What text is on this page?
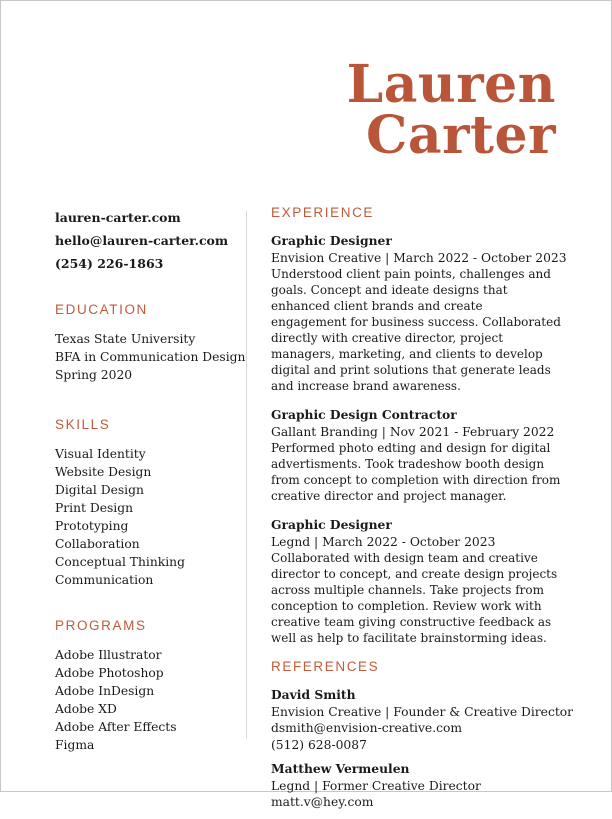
Lauren
Carter
lauren-carter.com
hello@lauren-carter.com
(254) 226-1863
EDUCATION
Texas State University
BFA in Communication Design
Spring 2020
SKILLS
Visual Identity
Website Design
Digital Design
Print Design
Prototyping
Collaboration
Conceptual Thinking
Communication
PROGRAMS
Adobe Illustrator
Adobe Photoshop
Adobe InDesign
Adobe XD
Adobe After Effects
Figma
EXPERIENCE
Graphic Designer
Envision Creative | March 2022 - October 2023

Understood client pain points, challenges and goals. Concept and ideate designs that enhanced client brands and create engagement for business success. Collaborated directly with creative director, project managers, marketing, and clients to develop digital and print solutions that generate leads and increase brand awareness.

Graphic Design Contractor
Gallant Branding | Nov 2021 - February 2022

Performed photo edting and design for digital advertisments. Took tradeshow booth design from concept to completion with direction from creative director and project manager.

Graphic Designer
Legnd | March 2022 - October 2023

Collaborated with design team and creative director to concept, and create design projects across multiple channels. Take projects from conception to completion. Review work with creative team giving constructive feedback as well as help to facilitate brainstorming ideas.

REFERENCES
David Smith
Envision Creative | Founder & Creative Director
dsmith@envision-creative.com
(512) 628-0087
Matthew Vermeulen
Legnd | Former Creative Director
matt.v@hey.com
